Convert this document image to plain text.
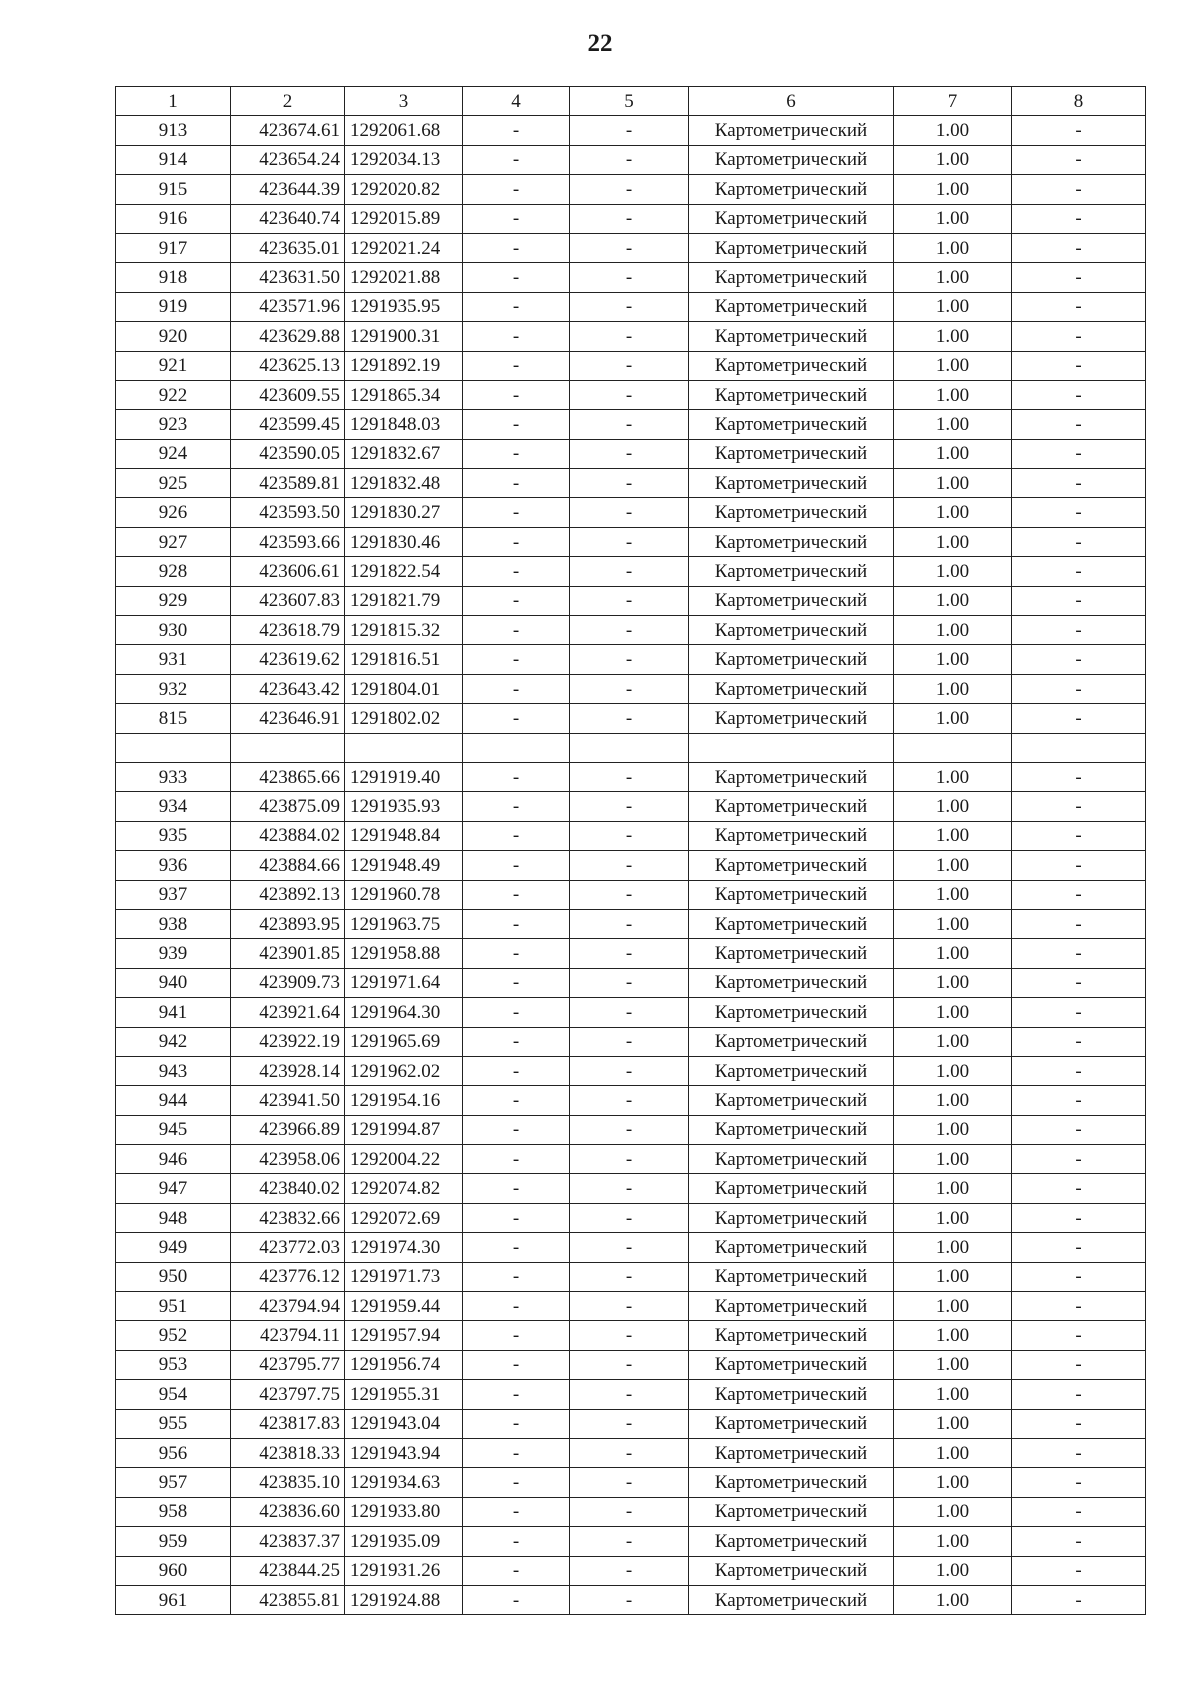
22
1	2	3	4	5	6	7	8
913	423674.61	1292061.68	-	-	Картометрический	1.00	-
914	423654.24	1292034.13	-	-	Картометрический	1.00	-
915	423644.39	1292020.82	-	-	Картометрический	1.00	-
916	423640.74	1292015.89	-	-	Картометрический	1.00	-
917	423635.01	1292021.24	-	-	Картометрический	1.00	-
918	423631.50	1292021.88	-	-	Картометрический	1.00	-
919	423571.96	1291935.95	-	-	Картометрический	1.00	-
920	423629.88	1291900.31	-	-	Картометрический	1.00	-
921	423625.13	1291892.19	-	-	Картометрический	1.00	-
922	423609.55	1291865.34	-	-	Картометрический	1.00	-
923	423599.45	1291848.03	-	-	Картометрический	1.00	-
924	423590.05	1291832.67	-	-	Картометрический	1.00	-
925	423589.81	1291832.48	-	-	Картометрический	1.00	-
926	423593.50	1291830.27	-	-	Картометрический	1.00	-
927	423593.66	1291830.46	-	-	Картометрический	1.00	-
928	423606.61	1291822.54	-	-	Картометрический	1.00	-
929	423607.83	1291821.79	-	-	Картометрический	1.00	-
930	423618.79	1291815.32	-	-	Картометрический	1.00	-
931	423619.62	1291816.51	-	-	Картометрический	1.00	-
932	423643.42	1291804.01	-	-	Картометрический	1.00	-
815	423646.91	1291802.02	-	-	Картометрический	1.00	-

933	423865.66	1291919.40	-	-	Картометрический	1.00	-
934	423875.09	1291935.93	-	-	Картометрический	1.00	-
935	423884.02	1291948.84	-	-	Картометрический	1.00	-
936	423884.66	1291948.49	-	-	Картометрический	1.00	-
937	423892.13	1291960.78	-	-	Картометрический	1.00	-
938	423893.95	1291963.75	-	-	Картометрический	1.00	-
939	423901.85	1291958.88	-	-	Картометрический	1.00	-
940	423909.73	1291971.64	-	-	Картометрический	1.00	-
941	423921.64	1291964.30	-	-	Картометрический	1.00	-
942	423922.19	1291965.69	-	-	Картометрический	1.00	-
943	423928.14	1291962.02	-	-	Картометрический	1.00	-
944	423941.50	1291954.16	-	-	Картометрический	1.00	-
945	423966.89	1291994.87	-	-	Картометрический	1.00	-
946	423958.06	1292004.22	-	-	Картометрический	1.00	-
947	423840.02	1292074.82	-	-	Картометрический	1.00	-
948	423832.66	1292072.69	-	-	Картометрический	1.00	-
949	423772.03	1291974.30	-	-	Картометрический	1.00	-
950	423776.12	1291971.73	-	-	Картометрический	1.00	-
951	423794.94	1291959.44	-	-	Картометрический	1.00	-
952	423794.11	1291957.94	-	-	Картометрический	1.00	-
953	423795.77	1291956.74	-	-	Картометрический	1.00	-
954	423797.75	1291955.31	-	-	Картометрический	1.00	-
955	423817.83	1291943.04	-	-	Картометрический	1.00	-
956	423818.33	1291943.94	-	-	Картометрический	1.00	-
957	423835.10	1291934.63	-	-	Картометрический	1.00	-
958	423836.60	1291933.80	-	-	Картометрический	1.00	-
959	423837.37	1291935.09	-	-	Картометрический	1.00	-
960	423844.25	1291931.26	-	-	Картометрический	1.00	-
961	423855.81	1291924.88	-	-	Картометрический	1.00	-
